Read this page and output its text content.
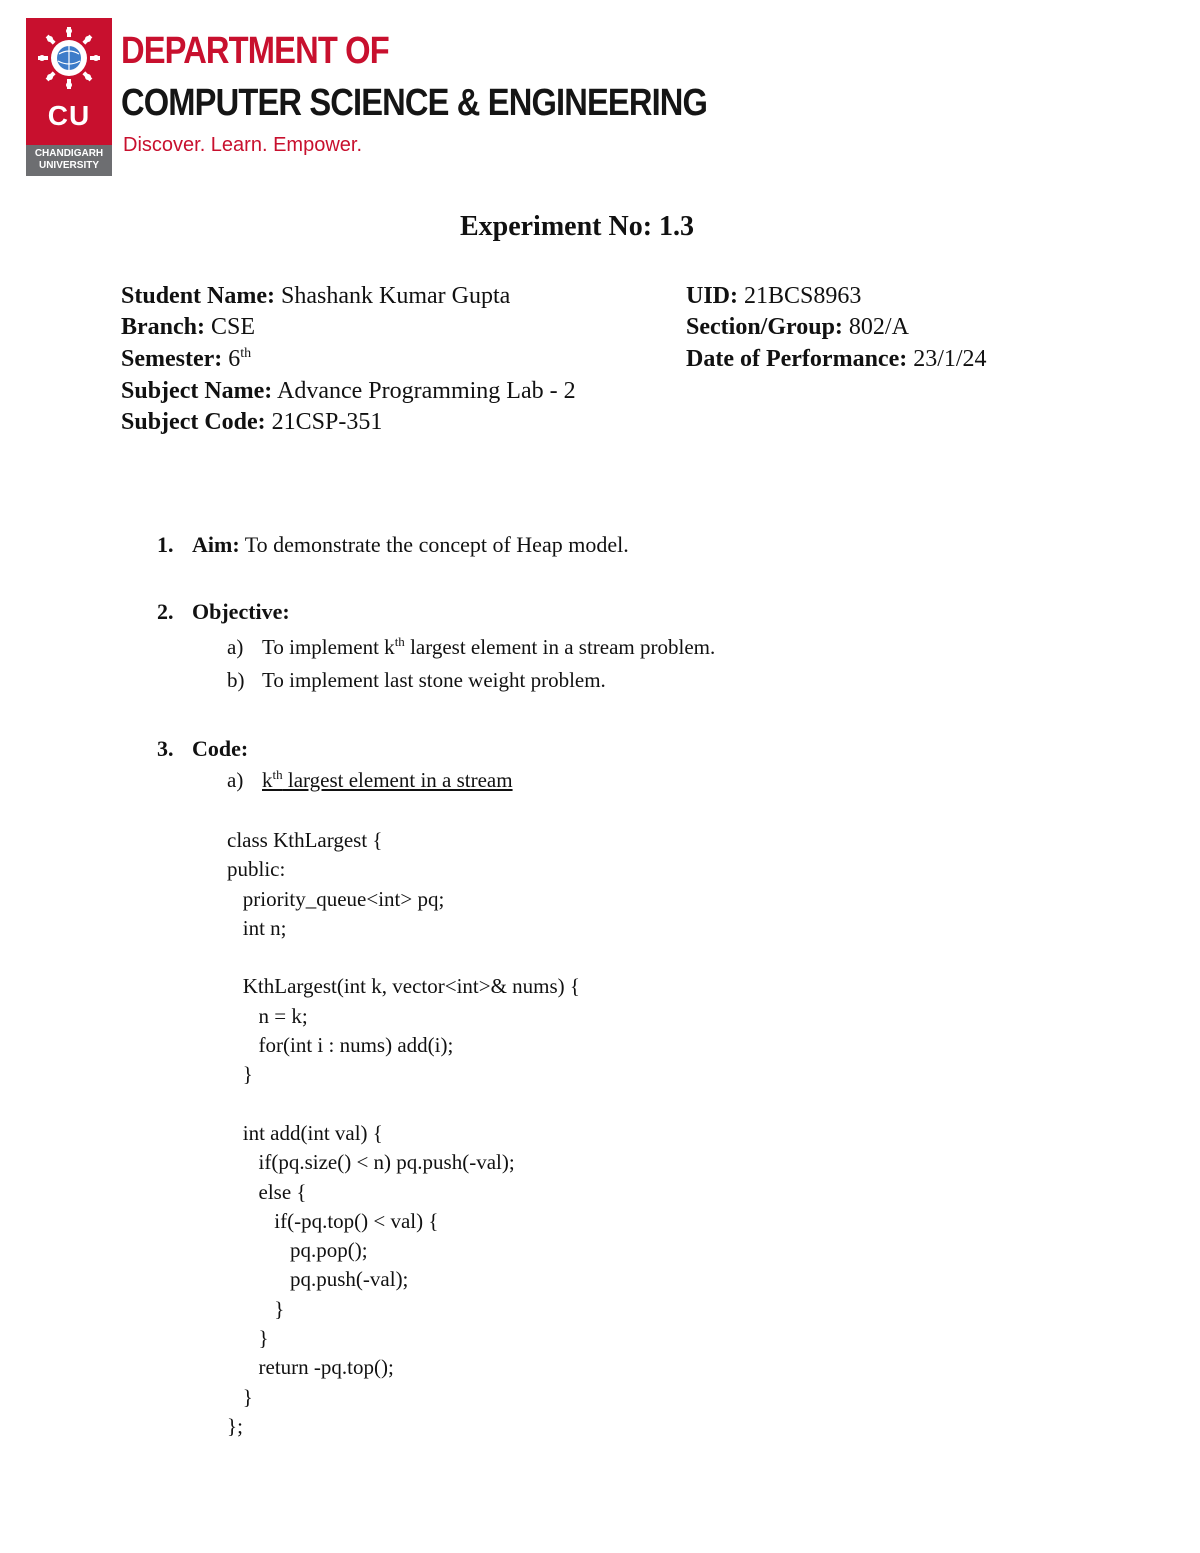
CU
CHANDIGARH
UNIVERSITY
DEPARTMENT OF
COMPUTER SCIENCE & ENGINEERING
Discover. Learn. Empower.
Experiment No: 1.3
Student Name: Shashank Kumar Gupta	UID: 21BCS8963
Branch: CSE	Section/Group: 802/A
Semester: 6th	Date of Performance: 23/1/24
Subject Name: Advance Programming Lab - 2
Subject Code: 21CSP-351
1. Aim: To demonstrate the concept of Heap model.
2. Objective:
a) To implement $k^{th}$ largest element in a stream problem.
b) To implement last stone weight problem.
3. Code:
a) $k^{th}$ largest element in a stream
class KthLargest {
public:
priority_queue<int> pq;
int n;
KthLargest(int k, vector<int>& nums) {
n = k;
for(int i : nums) add(i);
}
int add(int val) {
if(pq.size() < n) pq.push(-val);
else {
if(-pq.top() < val) {
pq.pop();
pq.push(-val);
}
}
return -pq.top();
}
};
